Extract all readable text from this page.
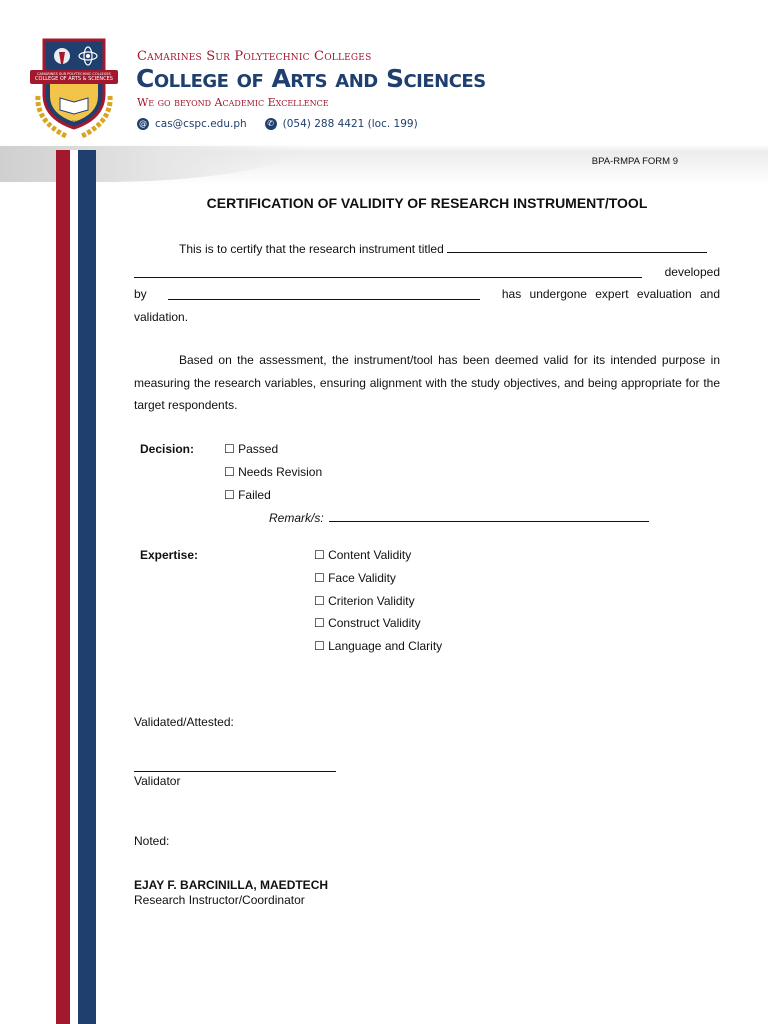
COLLEGE OF ARTS & SCIENCES
CAMARINES SUR POLYTECHNIC COLLEGES
2010
Camarines Sur Polytechnic Colleges
College of Arts and Sciences
We go beyond Academic Excellence
@ cas@cspc.edu.ph	✆ (054) 288 4421 (loc. 199)
BPA-RMPA FORM 9
CERTIFICATION OF VALIDITY OF RESEARCH INSTRUMENT/TOOL
This is to certify that the research instrument titled
developed
by	has undergone expert evaluation and
validation.
Based on the assessment, the instrument/tool has been deemed valid for its intended purpose in measuring the research variables, ensuring alignment with the study objectives, and being appropriate for the target respondents.
Decision: ☐ Passed
☐ Needs Revision
☐ Failed
Remark/s:
Expertise:	☐ Content Validity
☐ Face Validity
☐ Criterion Validity
☐ Construct Validity
☐ Language and Clarity
Validated/Attested:
Validator
Noted:
EJAY F. BARCINILLA, MAEDTECH
Research Instructor/Coordinator
